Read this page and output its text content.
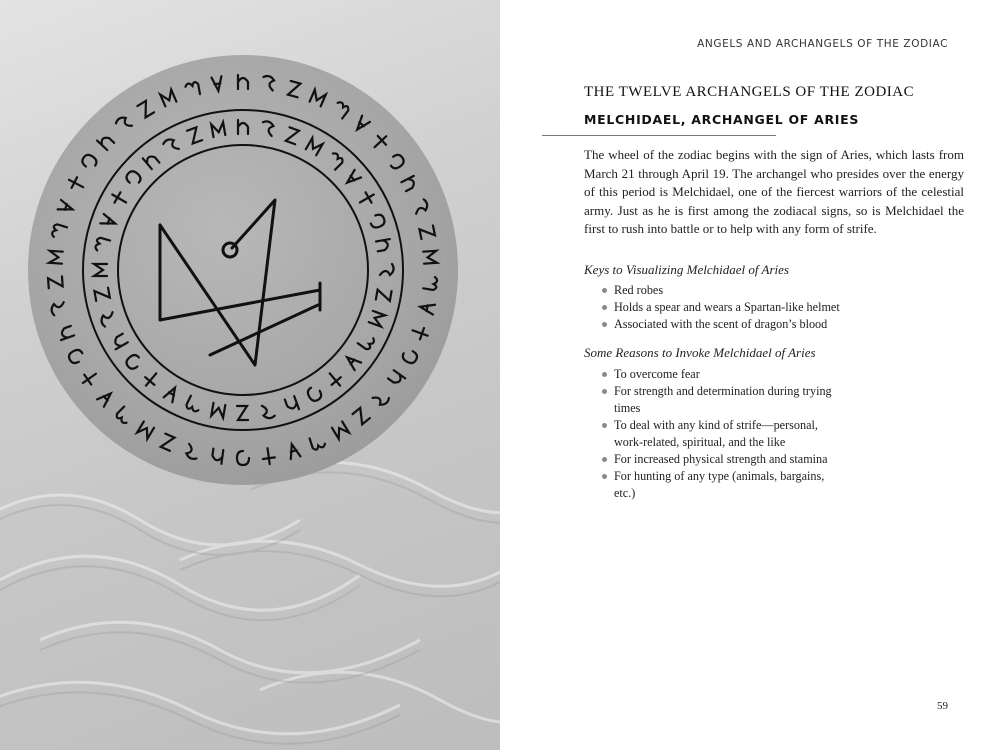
ANGELS AND ARCHANGELS OF THE ZODIAC
THE TWELVE ARCHANGELS OF THE ZODIAC
MELCHIDAEL, ARCHANGEL OF ARIES

The wheel of the zodiac begins with the sign of Aries, which lasts from March 21 through April 19. The archangel who presides over the energy of this period is Melchidael, one of the fiercest warriors of the celestial army. Just as he is first among the zodiacal signs, so is Melchidael the first to rush into battle or to help with any form of strife.

Keys to Visualizing Melchidael of Aries
Red robes
Holds a spear and wears a Spartan-like helmet
Associated with the scent of dragon’s blood
Some Reasons to Invoke Melchidael of Aries
To overcome fear
For strength and determination during trying times
To deal with any kind of strife—personal, work-related, spiritual, and the like
For increased physical strength and stamina
For hunting of any type (animals, bargains, etc.)
59
